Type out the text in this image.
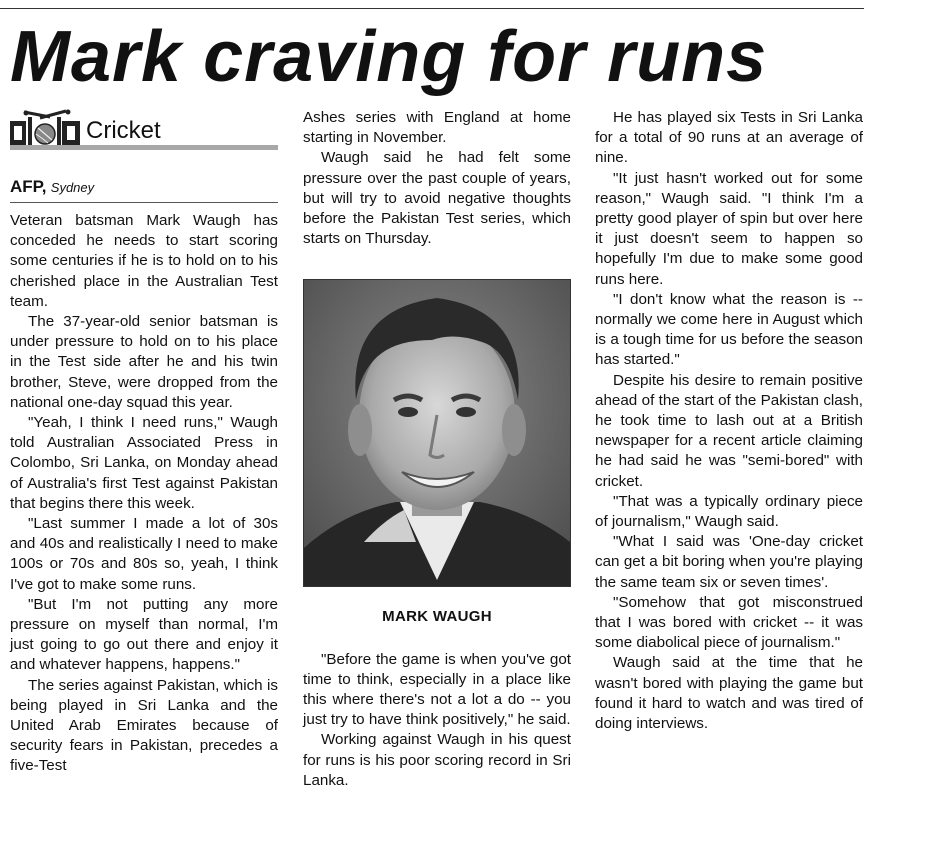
Mark craving for runs
Cricket
AFP, Sydney

Veteran batsman Mark Waugh has conceded he needs to start scoring some centuries if he is to hold on to his cherished place in the Australian Test team.

The 37-year-old senior batsman is under pressure to hold on to his place in the Test side after he and his twin brother, Steve, were dropped from the national one-day squad this year.

"Yeah, I think I need runs," Waugh told Australian Associated Press in Colombo, Sri Lanka, on Monday ahead of Australia's first Test against Pakistan that begins there this week.

"Last summer I made a lot of 30s and 40s and realistically I need to make 100s or 70s and 80s so, yeah, I think I've got to make some runs.

"But I'm not putting any more pressure on myself than normal, I'm just going to go out there and enjoy it and whatever happens, happens."

The series against Pakistan, which is being played in Sri Lanka and the United Arab Emirates because of security fears in Pakistan, precedes a five-Test

Ashes series with England at home starting in November.

Waugh said he had felt some pressure over the past couple of years, but will try to avoid negative thoughts before the Pakistan Test series, which starts on Thursday.

MARK WAUGH

"Before the game is when you've got time to think, especially in a place like this where there's not a lot a do -- you just try to have think positively," he said.

Working against Waugh in his quest for runs is his poor scoring record in Sri Lanka.

He has played six Tests in Sri Lanka for a total of 90 runs at an average of nine.

"It just hasn't worked out for some reason," Waugh said. "I think I'm a pretty good player of spin but over here it just doesn't seem to happen so hopefully I'm due to make some good runs here.

"I don't know what the reason is -- normally we come here in August which is a tough time for us before the season has started."

Despite his desire to remain positive ahead of the start of the Pakistan clash, he took time to lash out at a British newspaper for a recent article claiming he had said he was "semi-bored" with cricket.

"That was a typically ordinary piece of journalism," Waugh said.

"What I said was 'One-day cricket can get a bit boring when you're playing the same team six or seven times'.

"Somehow that got misconstrued that I was bored with cricket -- it was some diabolical piece of journalism."

Waugh said at the time that he wasn't bored with playing the game but found it hard to watch and was tired of doing interviews.
